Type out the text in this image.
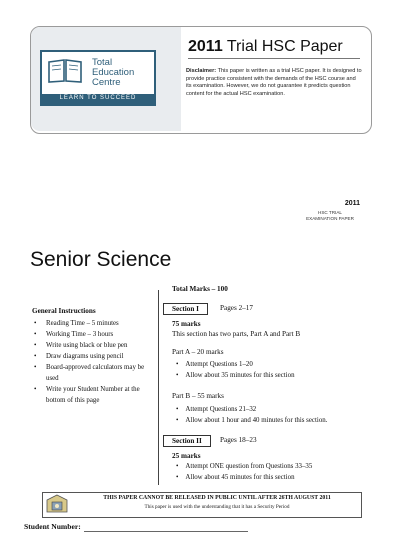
Total
Education
Centre
LEARN TO SUCCEED
2011 Trial HSC Paper
Disclaimer: This paper is written as a trial HSC paper. It is designed to provide practice consistent with the demands of the HSC course and its examination. However, we do not guarantee it predicts question content for the actual HSC examination.
2011
HSC TRIAL
EXAMINATION PAPER
Senior Science
General Instructions
• Reading Time – 5 minutes
• Working Time – 3 hours
• Write using black or blue pen
• Draw diagrams using pencil
• Board-approved calculators may be used
• Write your Student Number at the bottom of this page
Total Marks – 100
Section I	Pages 2–17
75 marks
This section has two parts, Part A and Part B
Part A – 20 marks
• Attempt Questions 1–20
• Allow about 35 minutes for this section
Part B – 55 marks
• Attempt Questions 21–32
• Allow about 1 hour and 40 minutes for this section.
Section II	Pages 18–23
25 marks
• Attempt ONE question from Questions 33–35
• Allow about 45 minutes for this section
THIS PAPER CANNOT BE RELEASED IN PUBLIC UNTIL AFTER 26TH AUGUST 2011
This paper is used with the understanding that it has a Security Period
Student Number:
